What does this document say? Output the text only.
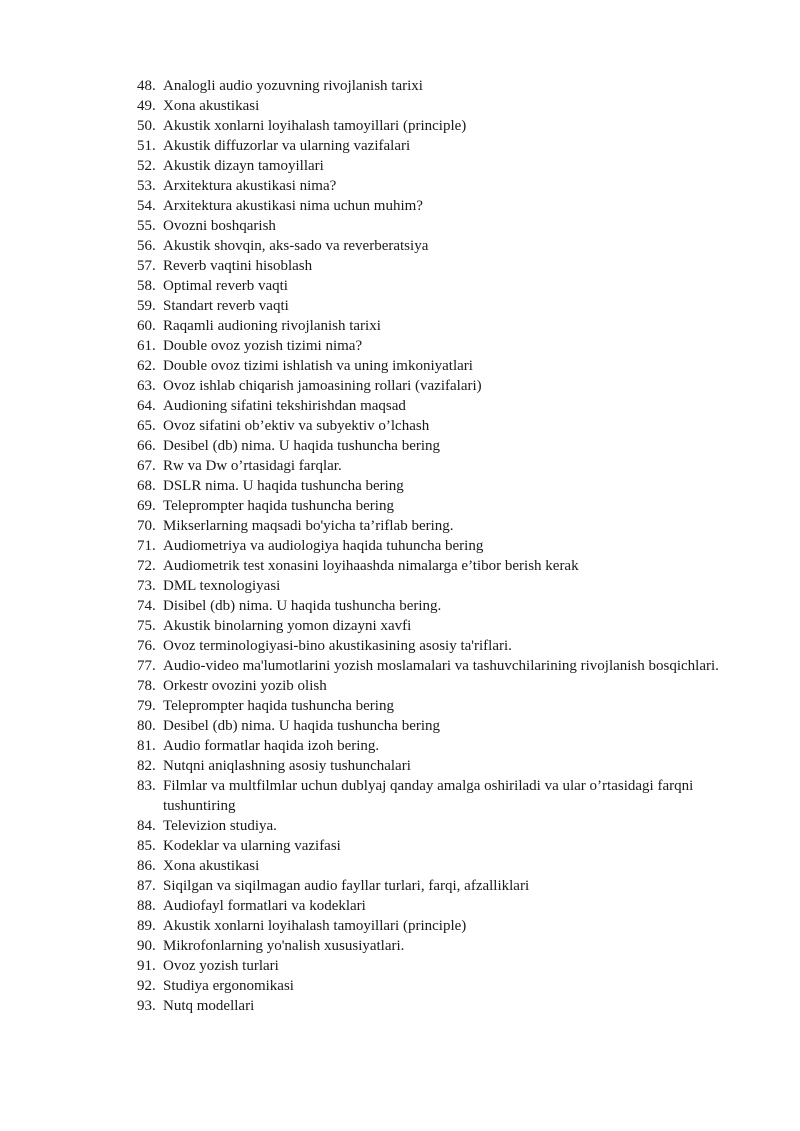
48. Analogli audio yozuvning rivojlanish tarixi
49. Xona akustikasi
50. Akustik xonlarni loyihalash tamoyillari (principle)
51. Akustik diffuzorlar va ularning vazifalari
52. Akustik dizayn tamoyillari
53. Arxitektura akustikasi nima?
54. Arxitektura akustikasi nima uchun muhim?
55. Ovozni boshqarish
56. Akustik shovqin, aks-sado va reverberatsiya
57. Reverb vaqtini hisoblash
58. Optimal reverb vaqti
59. Standart reverb vaqti
60. Raqamli audioning rivojlanish tarixi
61. Double ovoz yozish tizimi nima?
62. Double ovoz tizimi ishlatish va uning imkoniyatlari
63. Ovoz ishlab chiqarish jamoasining rollari (vazifalari)
64. Audioning sifatini tekshirishdan maqsad
65. Ovoz sifatini ob’ektiv va subyektiv o’lchash
66. Desibel (db) nima. U haqida tushuncha bering
67. Rw va Dw o’rtasidagi farqlar.
68. DSLR nima. U haqida tushuncha bering
69. Teleprompter haqida tushuncha bering
70. Mikserlarning maqsadi bo'yicha ta’riflab bering.
71. Audiometriya va audiologiya haqida tuhuncha bering
72. Audiometrik test xonasini loyihaashda nimalarga e’tibor berish kerak
73. DML texnologiyasi
74. Disibel (db) nima. U haqida tushuncha bering.
75. Akustik binolarning yomon dizayni xavfi
76. Ovoz terminologiyasi-bino akustikasining asosiy ta'riflari.
77. Audio-video ma'lumotlarini yozish moslamalari va tashuvchilarining rivojlanish bosqichlari.
78. Orkestr ovozini yozib olish
79. Teleprompter haqida tushuncha bering
80. Desibel (db) nima. U haqida tushuncha bering
81. Audio formatlar haqida izoh bering.
82. Nutqni aniqlashning asosiy tushunchalari
83. Filmlar va multfilmlar uchun dublyaj qanday amalga oshiriladi va ular o’rtasidagi farqni tushuntiring
84. Televizion studiya.
85. Kodeklar va ularning vazifasi
86. Xona akustikasi
87. Siqilgan va siqilmagan audio fayllar turlari, farqi, afzalliklari
88. Audiofayl formatlari va kodeklari
89. Akustik xonlarni loyihalash tamoyillari (principle)
90. Mikrofonlarning yo'nalish xususiyatlari.
91. Ovoz yozish turlari
92. Studiya ergonomikasi
93. Nutq modellari
